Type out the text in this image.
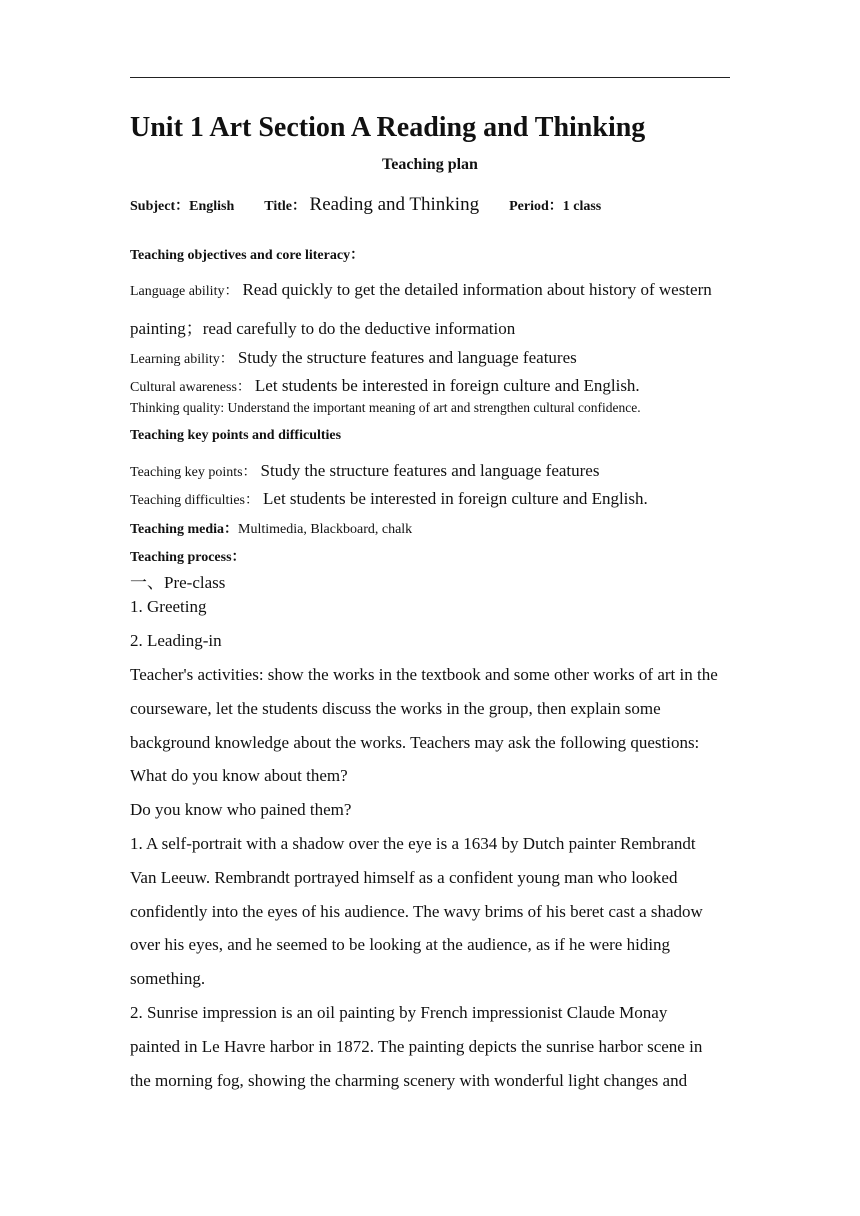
Unit 1 Art Section A Reading and Thinking
Teaching plan
Subject：English Title： Reading and Thinking Period：1 class
Teaching objectives and core literacy：
Language ability： Read quickly to get the detailed information about history of western
painting；read carefully to do the deductive information
Learning ability： Study the structure features and language features
Cultural awareness： Let students be interested in foreign culture and English.
Thinking quality: Understand the important meaning of art and strengthen cultural confidence.
Teaching key points and difficulties
Teaching key points： Study the structure features and language features
Teaching difficulties： Let students be interested in foreign culture and English.
Teaching media：Multimedia, Blackboard, chalk
Teaching process：
一、Pre-class
1. Greeting
2. Leading-in
Teacher's activities: show the works in the textbook and some other works of art in the
courseware, let the students discuss the works in the group, then explain some
background knowledge about the works. Teachers may ask the following questions:
What do you know about them?
Do you know who pained them?
1. A self-portrait with a shadow over the eye is a 1634 by Dutch painter Rembrandt
Van Leeuw. Rembrandt portrayed himself as a confident young man who looked
confidently into the eyes of his audience. The wavy brims of his beret cast a shadow
over his eyes, and he seemed to be looking at the audience, as if he were hiding
something.
2. Sunrise impression is an oil painting by French impressionist Claude Monay
painted in Le Havre harbor in 1872. The painting depicts the sunrise harbor scene in
the morning fog, showing the charming scenery with wonderful light changes and
